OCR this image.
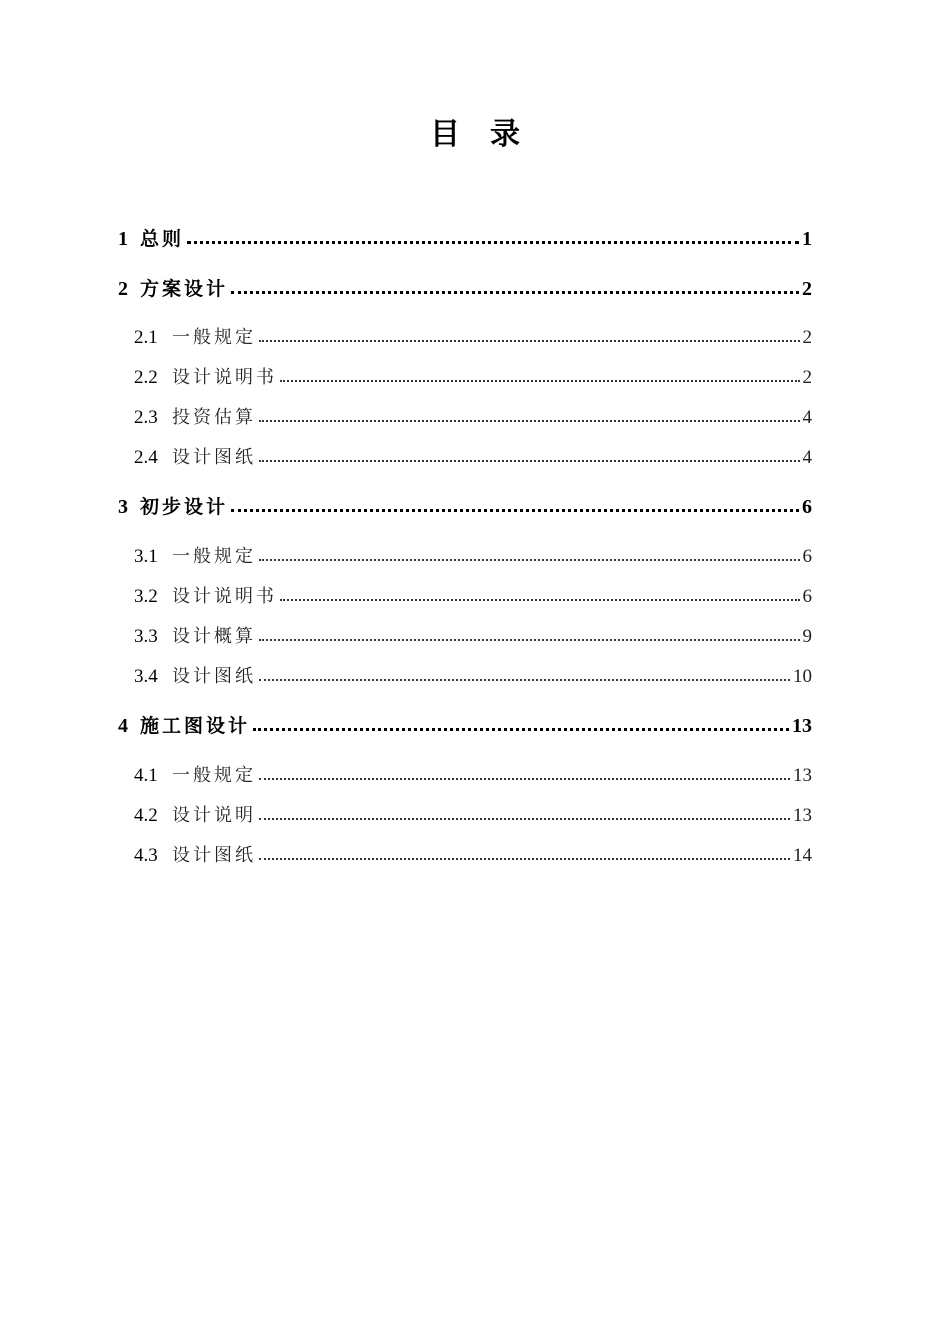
目　录
1 总则	1
2 方案设计	2
2.1 一般规定	2
2.2 设计说明书	2
2.3 投资估算	4
2.4 设计图纸	4
3 初步设计	6
3.1 一般规定	6
3.2 设计说明书	6
3.3 设计概算	9
3.4 设计图纸	10
4 施工图设计	13
4.1 一般规定	13
4.2 设计说明	13
4.3 设计图纸	14
